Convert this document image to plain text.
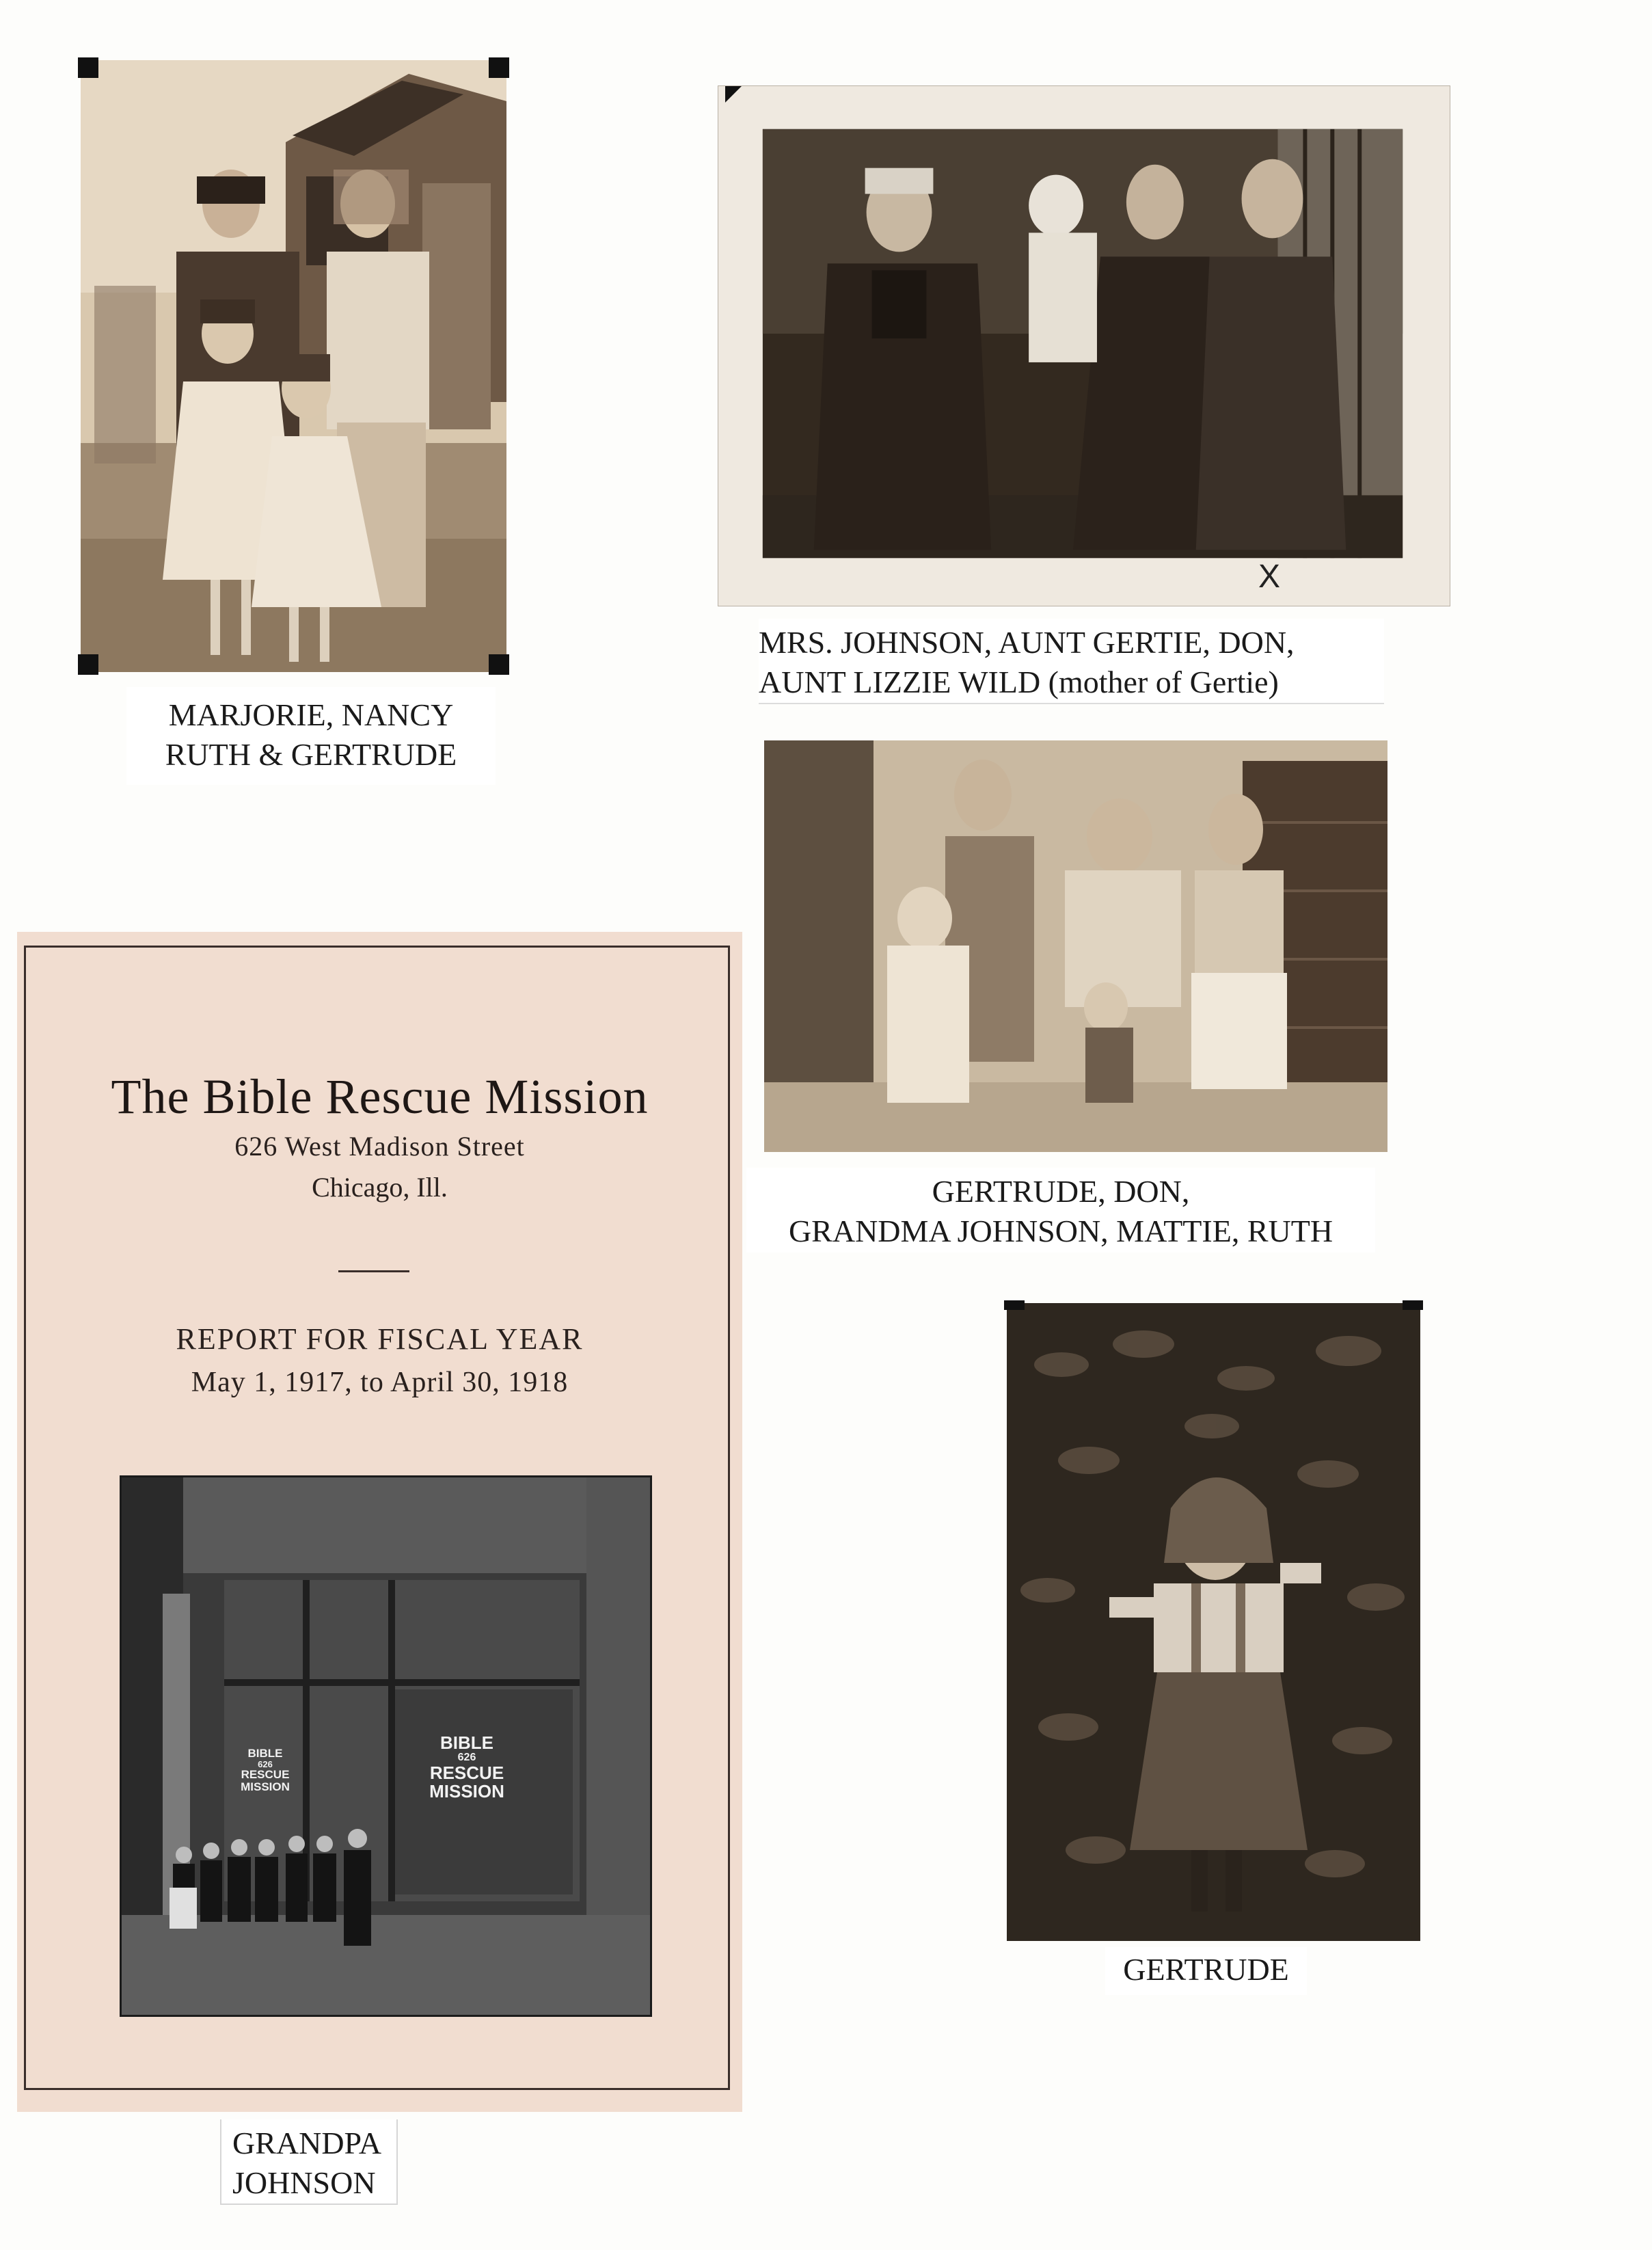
MARJORIE, NANCY
RUTH & GERTRUDE
X
MRS. JOHNSON, AUNT GERTIE, DON,
AUNT LIZZIE WILD (mother of Gertie)
GERTRUDE, DON,
GRANDMA JOHNSON, MATTIE, RUTH
GERTRUDE
The Bible Rescue Mission
626 West Madison Street
Chicago, Ill.
REPORT FOR FISCAL YEAR
May 1, 1917, to April 30, 1918
BIBLE
626
RESCUE MISSION
BIBLE
626
RESCUE MISSION
GRANDPA
JOHNSON
